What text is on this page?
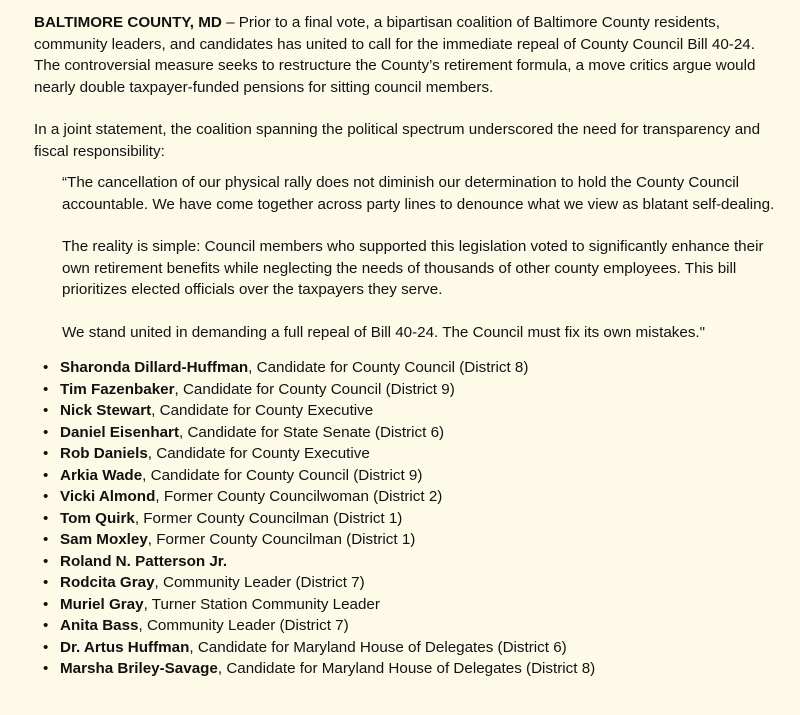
BALTIMORE COUNTY, MD – Prior to a final vote, a bipartisan coalition of Baltimore County residents, community leaders, and candidates has united to call for the immediate repeal of County Council Bill 40-24. The controversial measure seeks to restructure the County’s retirement formula, a move critics argue would nearly double taxpayer-funded pensions for sitting council members.

In a joint statement, the coalition spanning the political spectrum underscored the need for transparency and fiscal responsibility:

“The cancellation of our physical rally does not diminish our determination to hold the County Council accountable. We have come together across party lines to denounce what we view as blatant self-dealing.

The reality is simple: Council members who supported this legislation voted to significantly enhance their own retirement benefits while neglecting the needs of thousands of other county employees. This bill prioritizes elected officials over the taxpayers they serve.

We stand united in demanding a full repeal of Bill 40-24. The Council must fix its own mistakes."

• Sharonda Dillard-Huffman, Candidate for County Council (District 8)
• Tim Fazenbaker, Candidate for County Council (District 9)
• Nick Stewart, Candidate for County Executive
• Daniel Eisenhart, Candidate for State Senate (District 6)
• Rob Daniels, Candidate for County Executive
• Arkia Wade, Candidate for County Council (District 9)
• Vicki Almond, Former County Councilwoman (District 2)
• Tom Quirk, Former County Councilman (District 1)
• Sam Moxley, Former County Councilman (District 1)
• Roland N. Patterson Jr.
• Rodcita Gray, Community Leader (District 7)
• Muriel Gray, Turner Station Community Leader
• Anita Bass, Community Leader (District 7)
• Dr. Artus Huffman, Candidate for Maryland House of Delegates (District 6)
• Marsha Briley-Savage, Candidate for Maryland House of Delegates (District 8)
